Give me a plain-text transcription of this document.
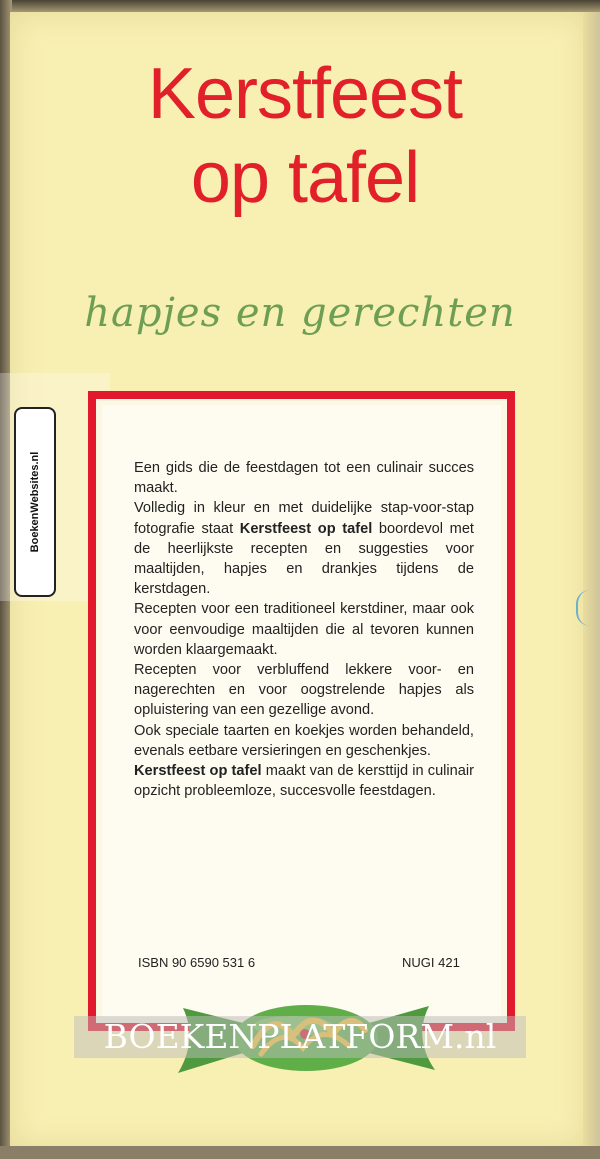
Kerstfeest
op tafel

hapjes en gerechten

BoekenWebsites.nl	Een gids die de feestdagen tot een culinair succes maakt.

Volledig in kleur en met duidelijke stap-voor-stap fotografie staat Kerstfeest op tafel boordevol met de heerlijkste recepten en suggesties voor maaltijden, hapjes en drankjes tijdens de kerstdagen.

Recepten voor een traditioneel kerstdiner, maar ook voor eenvoudige maaltijden die al tevoren kunnen worden klaargemaakt.

Recepten voor verbluffend lekkere voor- en nagerechten en voor oogstrelende hapjes als opluistering van een gezellige avond.

Ook speciale taarten en koekjes worden behandeld, evenals eetbare versieringen en geschenkjes.

Kerstfeest op tafel maakt van de kersttijd in culinair opzicht probleemloze, succesvolle feestdagen.

ISBN 90 6590 531 6	NUGI 421

BOEKENPLATFORM.nl
